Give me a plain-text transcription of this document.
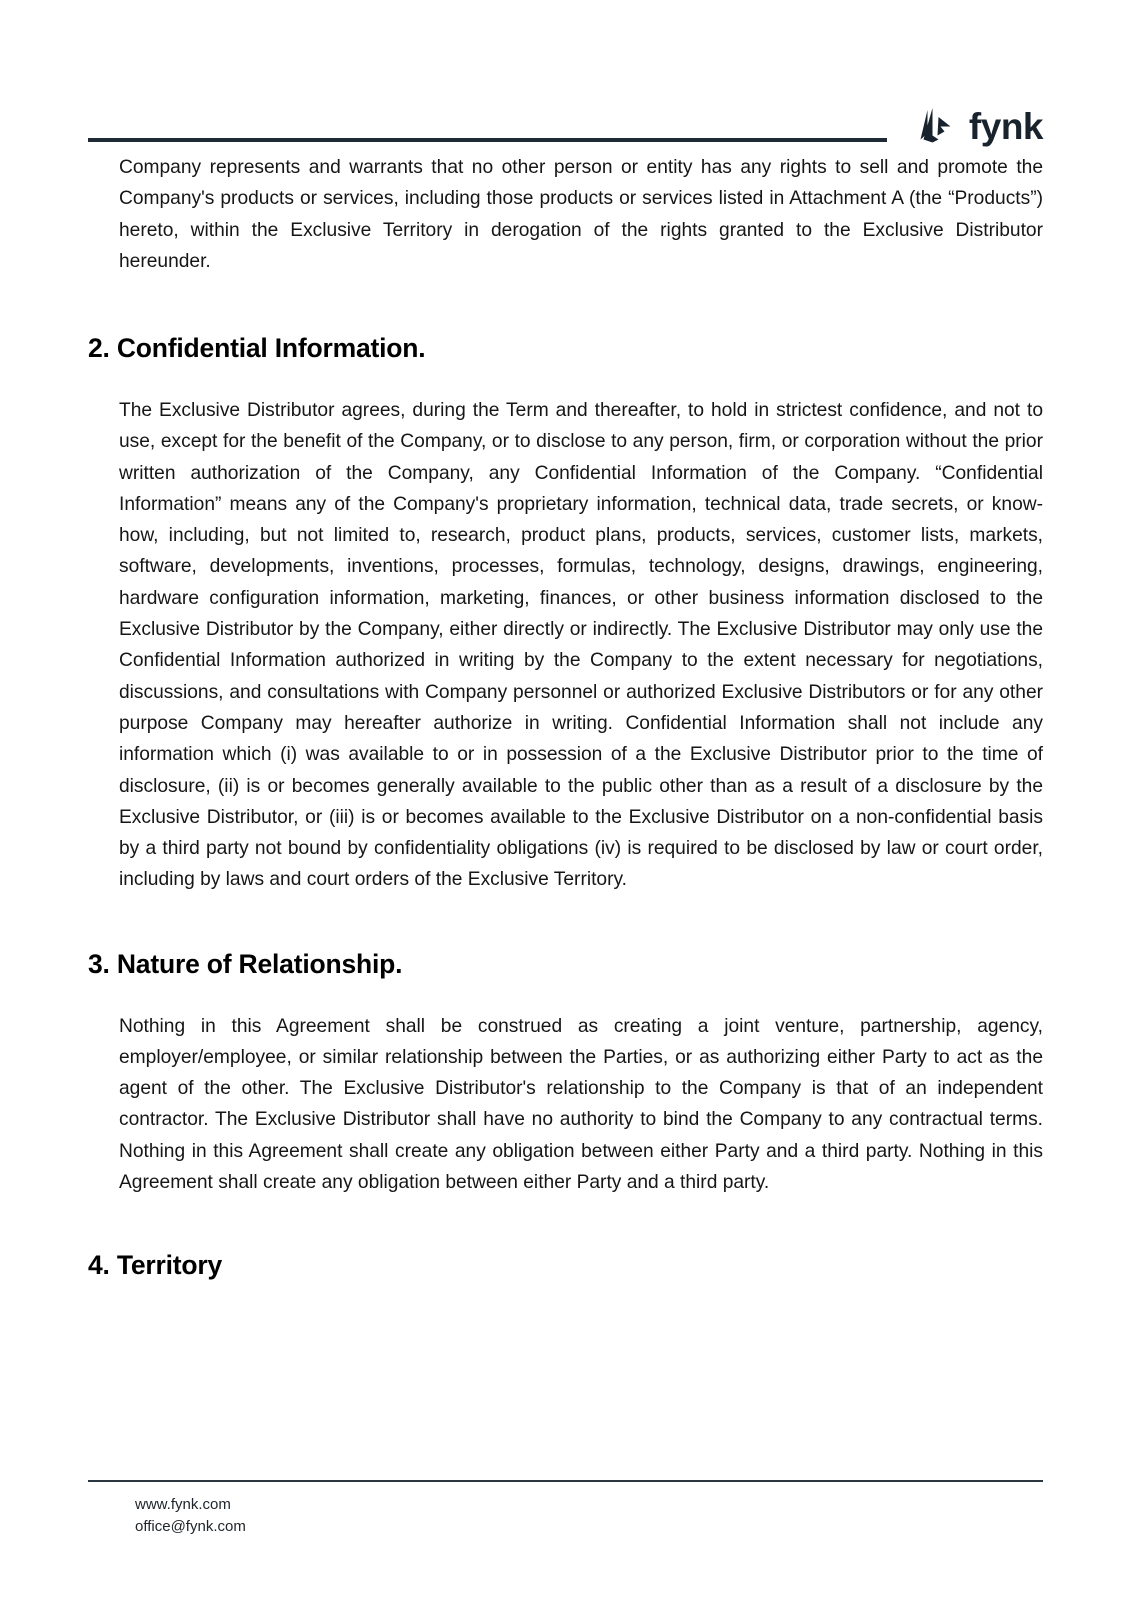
fynk

Company represents and warrants that no other person or entity has any rights to sell and promote the Company's products or services, including those products or services listed in Attachment A (the “Products”) hereto, within the Exclusive Territory in derogation of the rights granted to the Exclusive Distributor hereunder.

2. Confidential Information.

The Exclusive Distributor agrees, during the Term and thereafter, to hold in strictest confidence, and not to use, except for the benefit of the Company, or to disclose to any person, firm, or corporation without the prior written authorization of the Company, any Confidential Information of the Company. “Confidential Information” means any of the Company's proprietary information, technical data, trade secrets, or know-how, including, but not limited to, research, product plans, products, services, customer lists, markets, software, developments, inventions, processes, formulas, technology, designs, drawings, engineering, hardware configuration information, marketing, finances, or other business information disclosed to the Exclusive Distributor by the Company, either directly or indirectly. The Exclusive Distributor may only use the Confidential Information authorized in writing by the Company to the extent necessary for negotiations, discussions, and consultations with Company personnel or authorized Exclusive Distributors or for any other purpose Company may hereafter authorize in writing. Confidential Information shall not include any information which (i) was available to or in possession of a the Exclusive Distributor prior to the time of disclosure, (ii) is or becomes generally available to the public other than as a result of a disclosure by the Exclusive Distributor, or (iii) is or becomes available to the Exclusive Distributor on a non-confidential basis by a third party not bound by confidentiality obligations (iv) is required to be disclosed by law or court order, including by laws and court orders of the Exclusive Territory.

3. Nature of Relationship.

Nothing in this Agreement shall be construed as creating a joint venture, partnership, agency, employer/employee, or similar relationship between the Parties, or as authorizing either Party to act as the agent of the other. The Exclusive Distributor's relationship to the Company is that of an independent contractor. The Exclusive Distributor shall have no authority to bind the Company to any contractual terms. Nothing in this Agreement shall create any obligation between either Party and a third party. Nothing in this Agreement shall create any obligation between either Party and a third party.

4. Territory
www.fynk.com
office@fynk.com
